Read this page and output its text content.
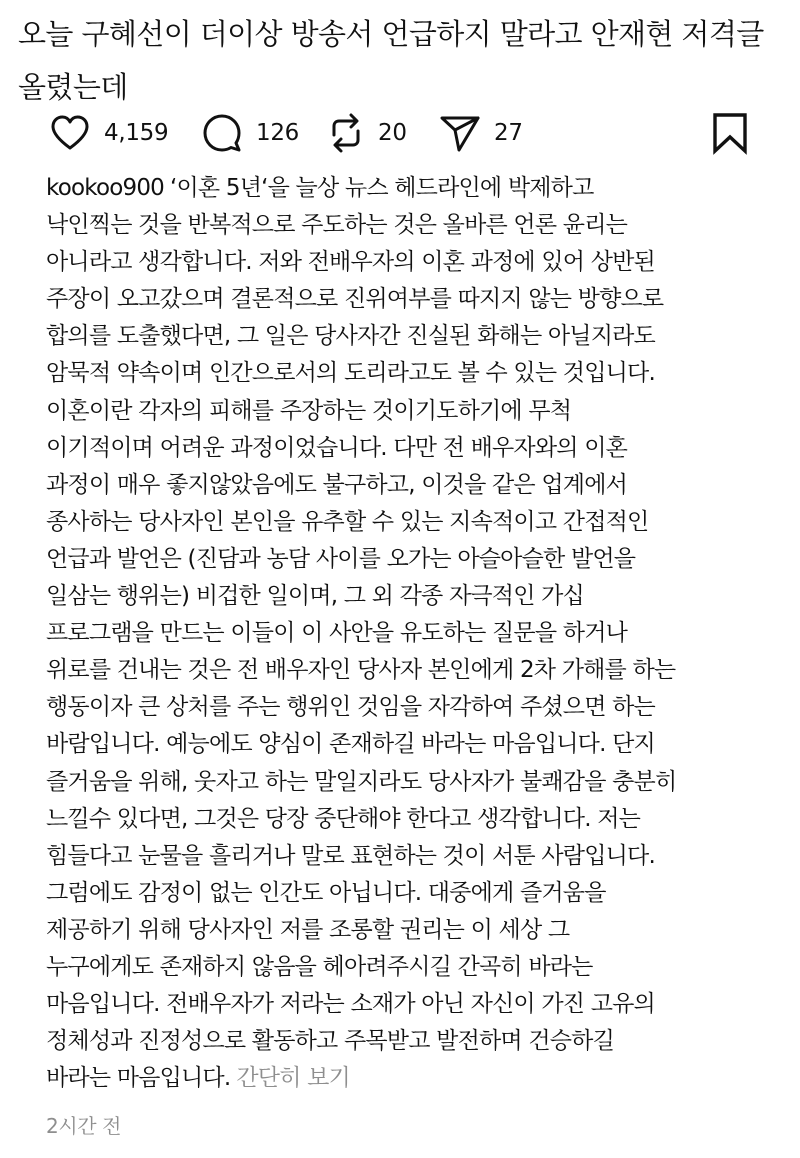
오늘 구혜선이 더이상 방송서 언급하지 말라고 안재현 저격글 올렸는데

4,159	126	20	27
kookoo900 ‘이혼 5년‘을 늘상 뉴스 헤드라인에 박제하고
낙인찍는 것을 반복적으로 주도하는 것은 올바른 언론 윤리는
아니라고 생각합니다. 저와 전배우자의 이혼 과정에 있어 상반된
주장이 오고갔으며 결론적으로 진위여부를 따지지 않는 방향으로
합의를 도출했다면, 그 일은 당사자간 진실된 화해는 아닐지라도
암묵적 약속이며 인간으로서의 도리라고도 볼 수 있는 것입니다.
이혼이란 각자의 피해를 주장하는 것이기도하기에 무척
이기적이며 어려운 과정이었습니다. 다만 전 배우자와의 이혼
과정이 매우 좋지않았음에도 불구하고, 이것을 같은 업계에서
종사하는 당사자인 본인을 유추할 수 있는 지속적이고 간접적인
언급과 발언은 (진담과 농담 사이를 오가는 아슬아슬한 발언을
일삼는 행위는) 비겁한 일이며, 그 외 각종 자극적인 가십
프로그램을 만드는 이들이 이 사안을 유도하는 질문을 하거나
위로를 건내는 것은 전 배우자인 당사자 본인에게 2차 가해를 하는
행동이자 큰 상처를 주는 행위인 것임을 자각하여 주셨으면 하는
바람입니다. 예능에도 양심이 존재하길 바라는 마음입니다. 단지
즐거움을 위해, 웃자고 하는 말일지라도 당사자가 불쾌감을 충분히
느낄수 있다면, 그것은 당장 중단해야 한다고 생각합니다. 저는
힘들다고 눈물을 흘리거나 말로 표현하는 것이 서툰 사람입니다.
그럼에도 감정이 없는 인간도 아닙니다. 대중에게 즐거움을
제공하기 위해 당사자인 저를 조롱할 권리는 이 세상 그
누구에게도 존재하지 않음을 헤아려주시길 간곡히 바라는
마음입니다. 전배우자가 저라는 소재가 아닌 자신이 가진 고유의
정체성과 진정성으로 활동하고 주목받고 발전하며 건승하길
바라는 마음입니다. 간단히 보기
2시간 전
